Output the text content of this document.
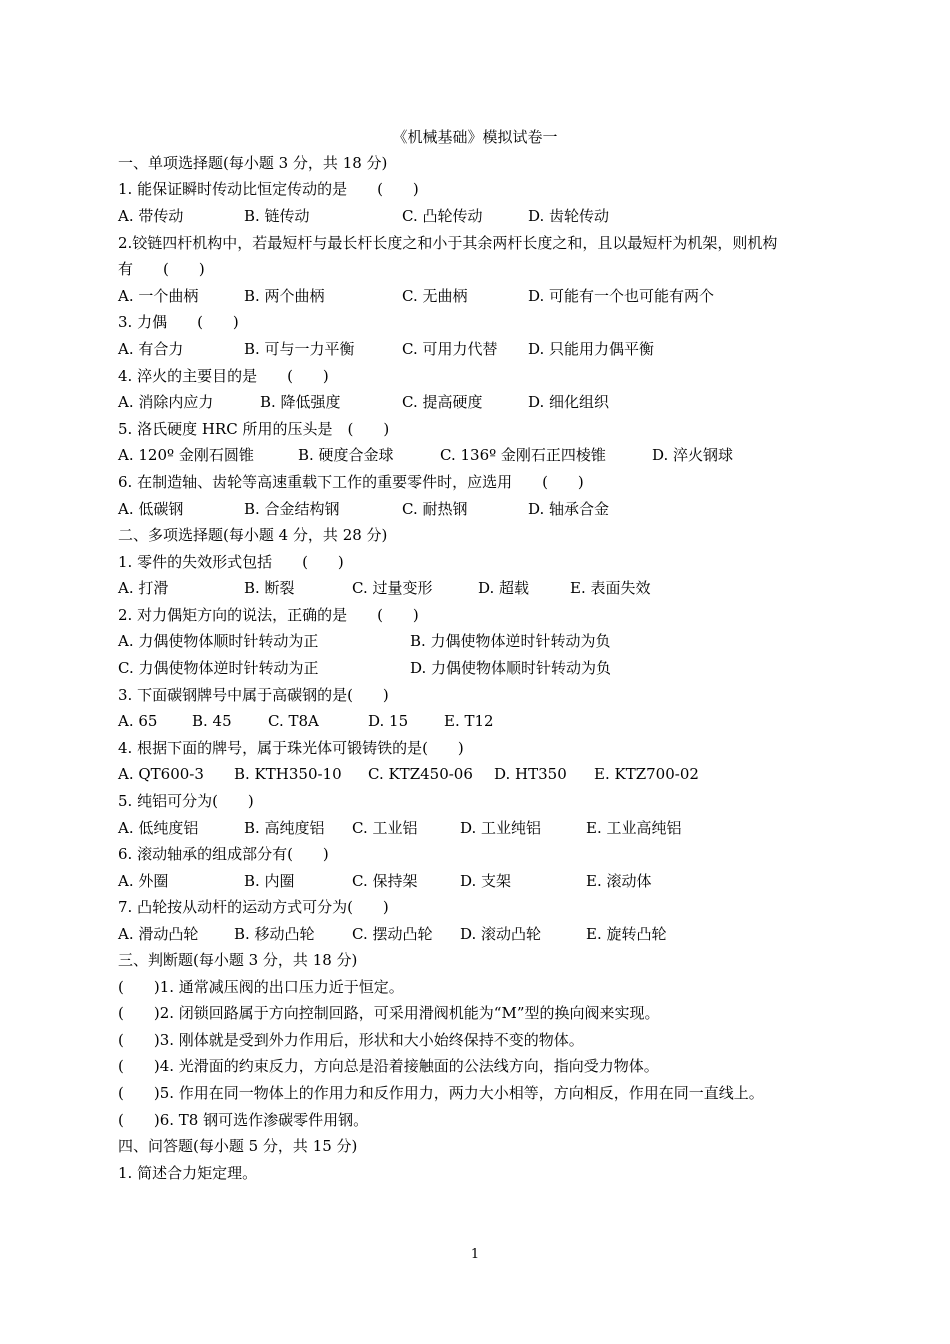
《机械基础》模拟试卷一
一、单项选择题(每小题 3 分，共 18 分)
1. 能保证瞬时传动比恒定传动的是　　(　　)
A. 带传动	B. 链传动	C. 凸轮传动	D. 齿轮传动
2.铰链四杆机构中，若最短杆与最长杆长度之和小于其余两杆长度之和，且以最短杆为机架，则机构
有　　(　　)
A. 一个曲柄	B. 两个曲柄	C. 无曲柄	D. 可能有一个也可能有两个
3. 力偶　　(　　)
A. 有合力	B. 可与一力平衡	C. 可用力代替 D. 只能用力偶平衡
4. 淬火的主要目的是　　(　　)
A. 消除内应力	B. 降低强度	C. 提高硬度	D. 细化组织
5. 洛氏硬度 HRC 所用的压头是　(　　)
A. 120º 金刚石圆锥	B. 硬度合金球	C. 136º 金刚石正四棱锥	D. 淬火钢球
6. 在制造轴、齿轮等高速重载下工作的重要零件时，应选用　　(　　)
A. 低碳钢	B. 合金结构钢	C. 耐热钢	D. 轴承合金
二、多项选择题(每小题 4 分，共 28 分)
1. 零件的失效形式包括　　(　　)
A. 打滑	B. 断裂	C. 过量变形	D. 超载	E. 表面失效
2. 对力偶矩方向的说法，正确的是　　(　　)
A. 力偶使物体顺时针转动为正	B. 力偶使物体逆时针转动为负
C. 力偶使物体逆时针转动为正	D. 力偶使物体顺时针转动为负
3. 下面碳钢牌号中属于高碳钢的是(　　)
A. 65 B. 45 C. T8A	D. 15 E. T12
4. 根据下面的牌号，属于珠光体可锻铸铁的是(　　)
A. QT600-3 B. KTH350-10 C. KTZ450-06 D. HT350 E. KTZ700-02
5. 纯铝可分为(　　)
A. 低纯度铝	B. 高纯度铝 C. 工业铝	D. 工业纯铝	E. 工业高纯铝
6. 滚动轴承的组成部分有(　　)
A. 外圈	B. 内圈	C. 保持架	D. 支架	E. 滚动体
7. 凸轮按从动杆的运动方式可分为(　　)
A. 滑动凸轮 B. 移动凸轮 C. 摆动凸轮 D. 滚动凸轮	E. 旋转凸轮
三、判断题(每小题 3 分，共 18 分)
(　　)1. 通常减压阀的出口压力近于恒定。
(　　)2. 闭锁回路属于方向控制回路，可采用滑阀机能为“M”型的换向阀来实现。
(　　)3. 刚体就是受到外力作用后，形状和大小始终保持不变的物体。
(　　)4. 光滑面的约束反力，方向总是沿着接触面的公法线方向，指向受力物体。
(　　)5. 作用在同一物体上的作用力和反作用力，两力大小相等，方向相反，作用在同一直线上。
(　　)6. T8 钢可选作渗碳零件用钢。
四、问答题(每小题 5 分，共 15 分)
1. 简述合力矩定理。
1
